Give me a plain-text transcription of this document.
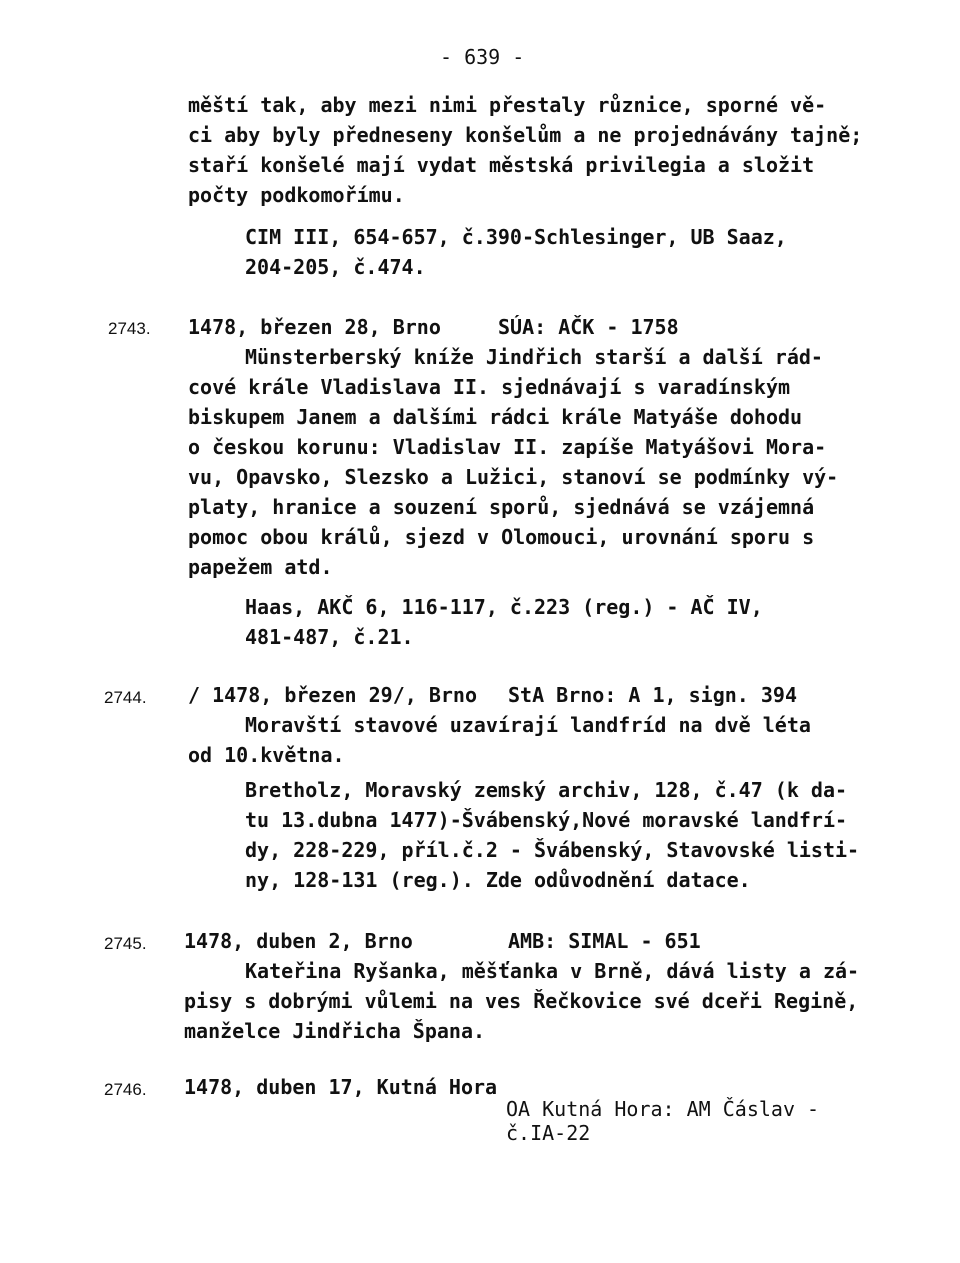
- 639 -
měští tak, aby mezi nimi přestaly různice, sporné vě-
ci aby byly předneseny konšelům a ne projednávány tajně;
staří konšelé mají vydat městská privilegia a složit
počty podkomořímu.
CIM III, 654-657, č.390-Schlesinger, UB Saaz,
204-205, č.474.
2743. 1478, březen 28, Brno	SÚA: AČK - 1758
Münsterberský kníže Jindřich starší a další rád-
cové krále Vladislava II. sjednávají s varadínským
biskupem Janem a dalšími rádci krále Matyáše dohodu
o českou korunu: Vladislav II. zapíše Matyášovi Mora-
vu, Opavsko, Slezsko a Lužici, stanoví se podmínky vý-
platy, hranice a souzení sporů, sjednává se vzájemná
pomoc obou králů, sjezd v Olomouci, urovnání sporu s
papežem atd.
Haas, AKČ 6, 116-117, č.223 (reg.) - AČ IV,
481-487, č.21.
2744. / 1478, březen 29/, Brno StA Brno: A 1, sign. 394
Moravští stavové uzavírají landfríd na dvě léta
od 10.května.
Bretholz, Moravský zemský archiv, 128, č.47 (k da-
tu 13.dubna 1477)-Švábenský,Nové moravské landfrí-
dy, 228-229, příl.č.2 - Švábenský, Stavovské listi-
ny, 128-131 (reg.). Zde odůvodnění datace.
2745. 1478, duben 2, Brno	AMB: SIMAL - 651
Kateřina Ryšanka, měšťanka v Brně, dává listy a zá-
pisy s dobrými vůlemi na ves Řečkovice své dceři Regině,
manželce Jindřicha Španа.
2746. 1478, duben 17, Kutná Hora
OA Kutná Hora: AM Čáslav -
č.IA-22
